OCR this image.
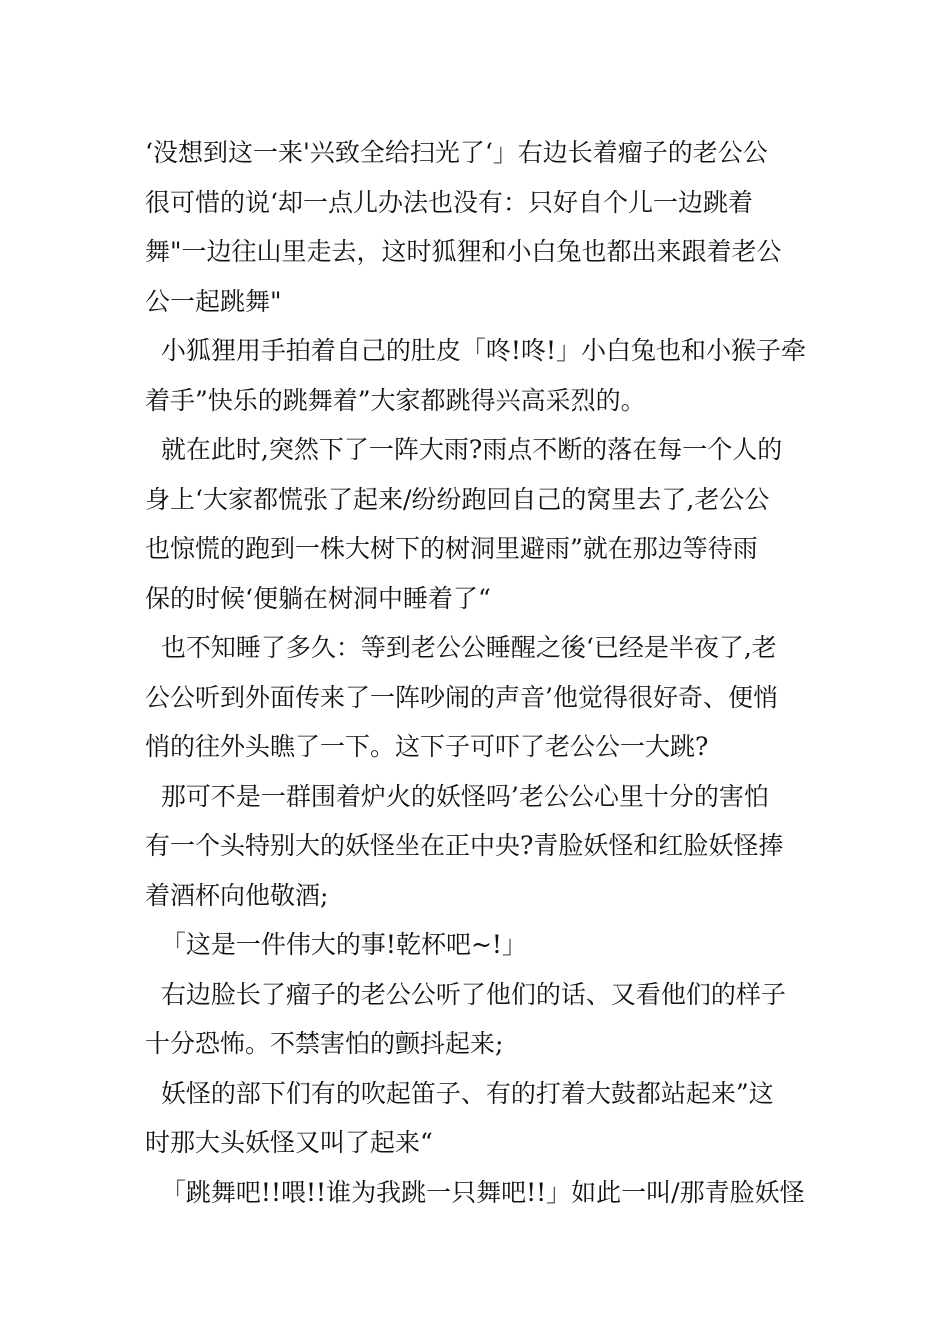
‘没想到这一来'兴致全给扫光了‘」右边长着瘤子的老公公
很可惜的说‘却一点儿办法也没有：只好自个儿一边跳着
舞"一边往山里走去，这时狐狸和小白兔也都出来跟着老公
公一起跳舞"
小狐狸用手拍着自己的肚皮「咚!咚!」小白兔也和小猴子牵
着手”快乐的跳舞着”大家都跳得兴高采烈的。
就在此时,突然下了一阵大雨?雨点不断的落在每一个人的
身上‘大家都慌张了起来/纷纷跑回自己的窝里去了,老公公
也惊慌的跑到一株大树下的树洞里避雨”就在那边等待雨
保的时候‘便躺在树洞中睡着了“
也不知睡了多久：等到老公公睡醒之後‘已经是半夜了,老
公公听到外面传来了一阵吵闹的声音’他觉得很好奇、便悄
悄的往外头瞧了一下。这下子可吓了老公公一大跳?
那可不是一群围着炉火的妖怪吗’老公公心里十分的害怕
有一个头特别大的妖怪坐在正中央?青脸妖怪和红脸妖怪捧
着酒杯向他敬酒;
「这是一件伟大的事!乾杯吧~!」
右边脸长了瘤子的老公公听了他们的话、又看他们的样子
十分恐怖。不禁害怕的颤抖起来;
妖怪的部下们有的吹起笛子、有的打着大鼓都站起来”这
时那大头妖怪又叫了起来“
「跳舞吧!!喂!!谁为我跳一只舞吧!!」如此一叫/那青脸妖怪
